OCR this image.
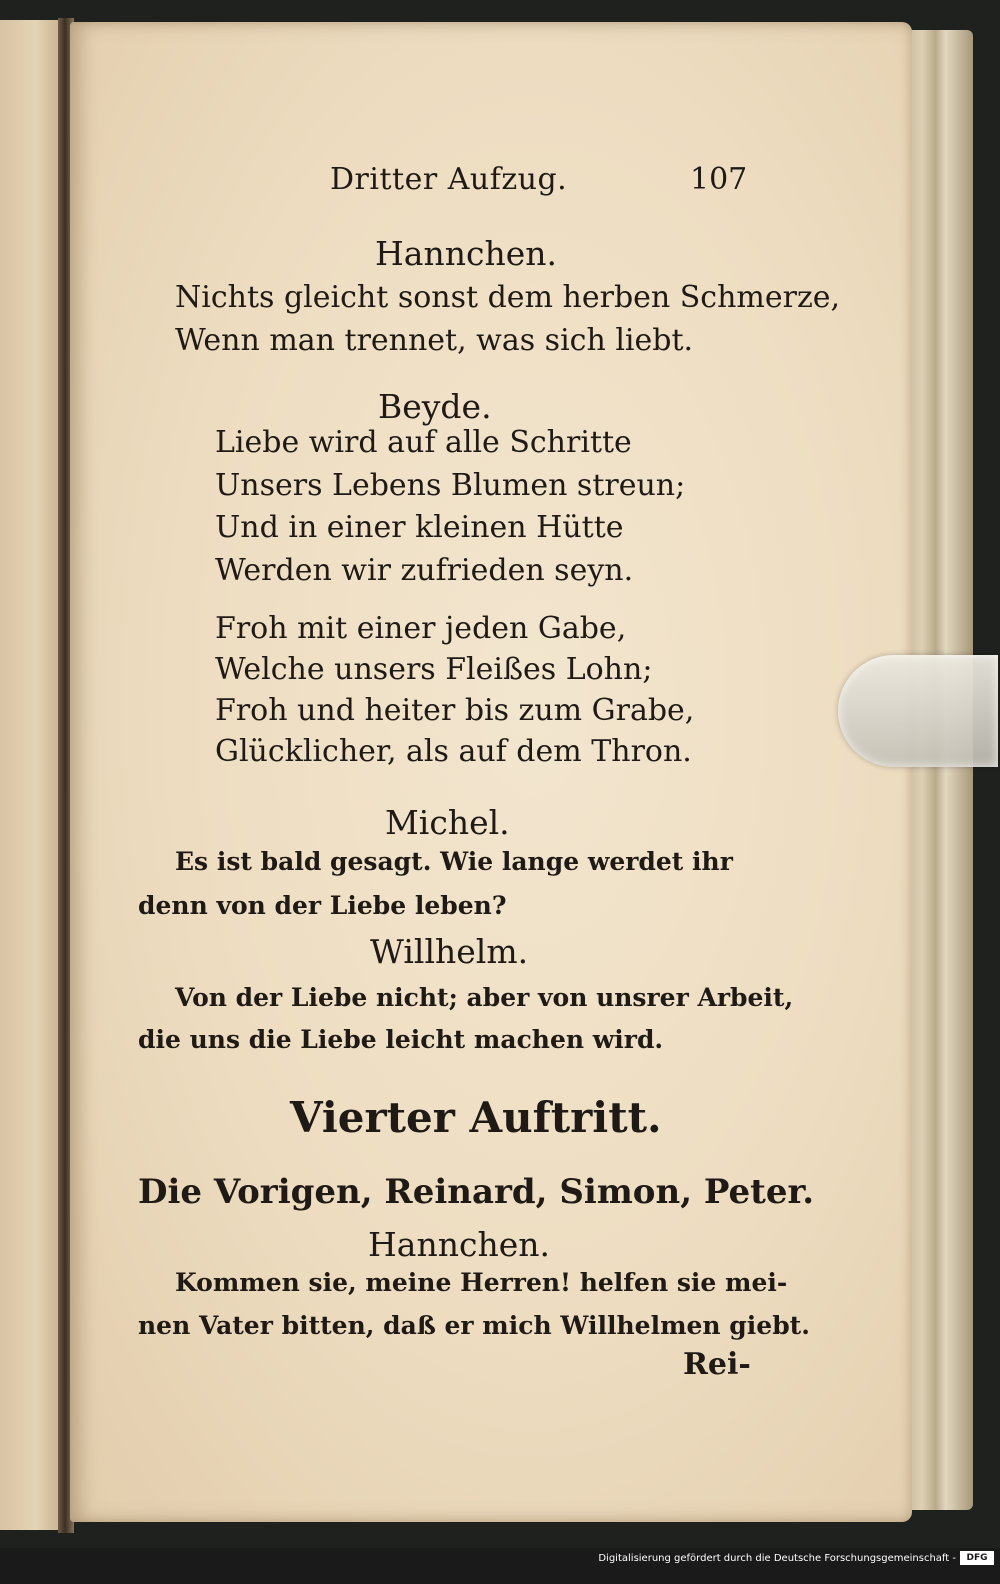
Dritter Aufzug.	107
Hannchen.
Nichts gleicht sonst dem herben Schmerze,
Wenn man trennet, was sich liebt.
Beyde.
Liebe wird auf alle Schritte
Unsers Lebens Blumen streun;
Und in einer kleinen Hütte
Werden wir zufrieden seyn.
Froh mit einer jeden Gabe,
Welche unsers Fleißes Lohn;
Froh und heiter bis zum Grabe,
Glücklicher, als auf dem Thron.
Michel.
Es ist bald gesagt. Wie lange werdet ihr
denn von der Liebe leben?
Willhelm.
Von der Liebe nicht; aber von unsrer Arbeit,
die uns die Liebe leicht machen wird.
Vierter Auftritt.
Die Vorigen, Reinard, Simon, Peter.
Hannchen.
Kommen sie, meine Herren! helfen sie mei-
nen Vater bitten, daß er mich Willhelmen giebt.
Rei-
Digitalisierung gefördert durch die Deutsche Forschungsgemeinschaft -	DFG
